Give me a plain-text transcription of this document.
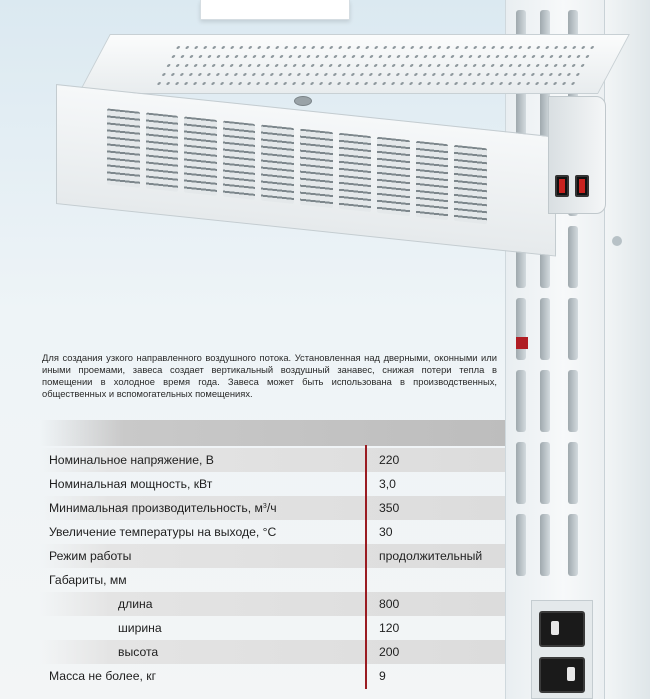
Для создания узкого направленного воздушного потока. Установленная над дверными, оконными или иными проемами, завеса создает вертикальный воздушный занавес, снижая потери тепла в помещении в холодное время года. Завеса может быть использована в производственных, общественных и вспомогательных помещениях.

Номинальное напряжение, В	220
Номинальная мощность, кВт	3,0
Минимальная производительность, $м^3/ч$	350
Увеличение температуры на выходе, °С	30
Режим работы	продолжительный
Габариты, мм
длина	800
ширина	120
высота	200
Масса не более, кг	9
